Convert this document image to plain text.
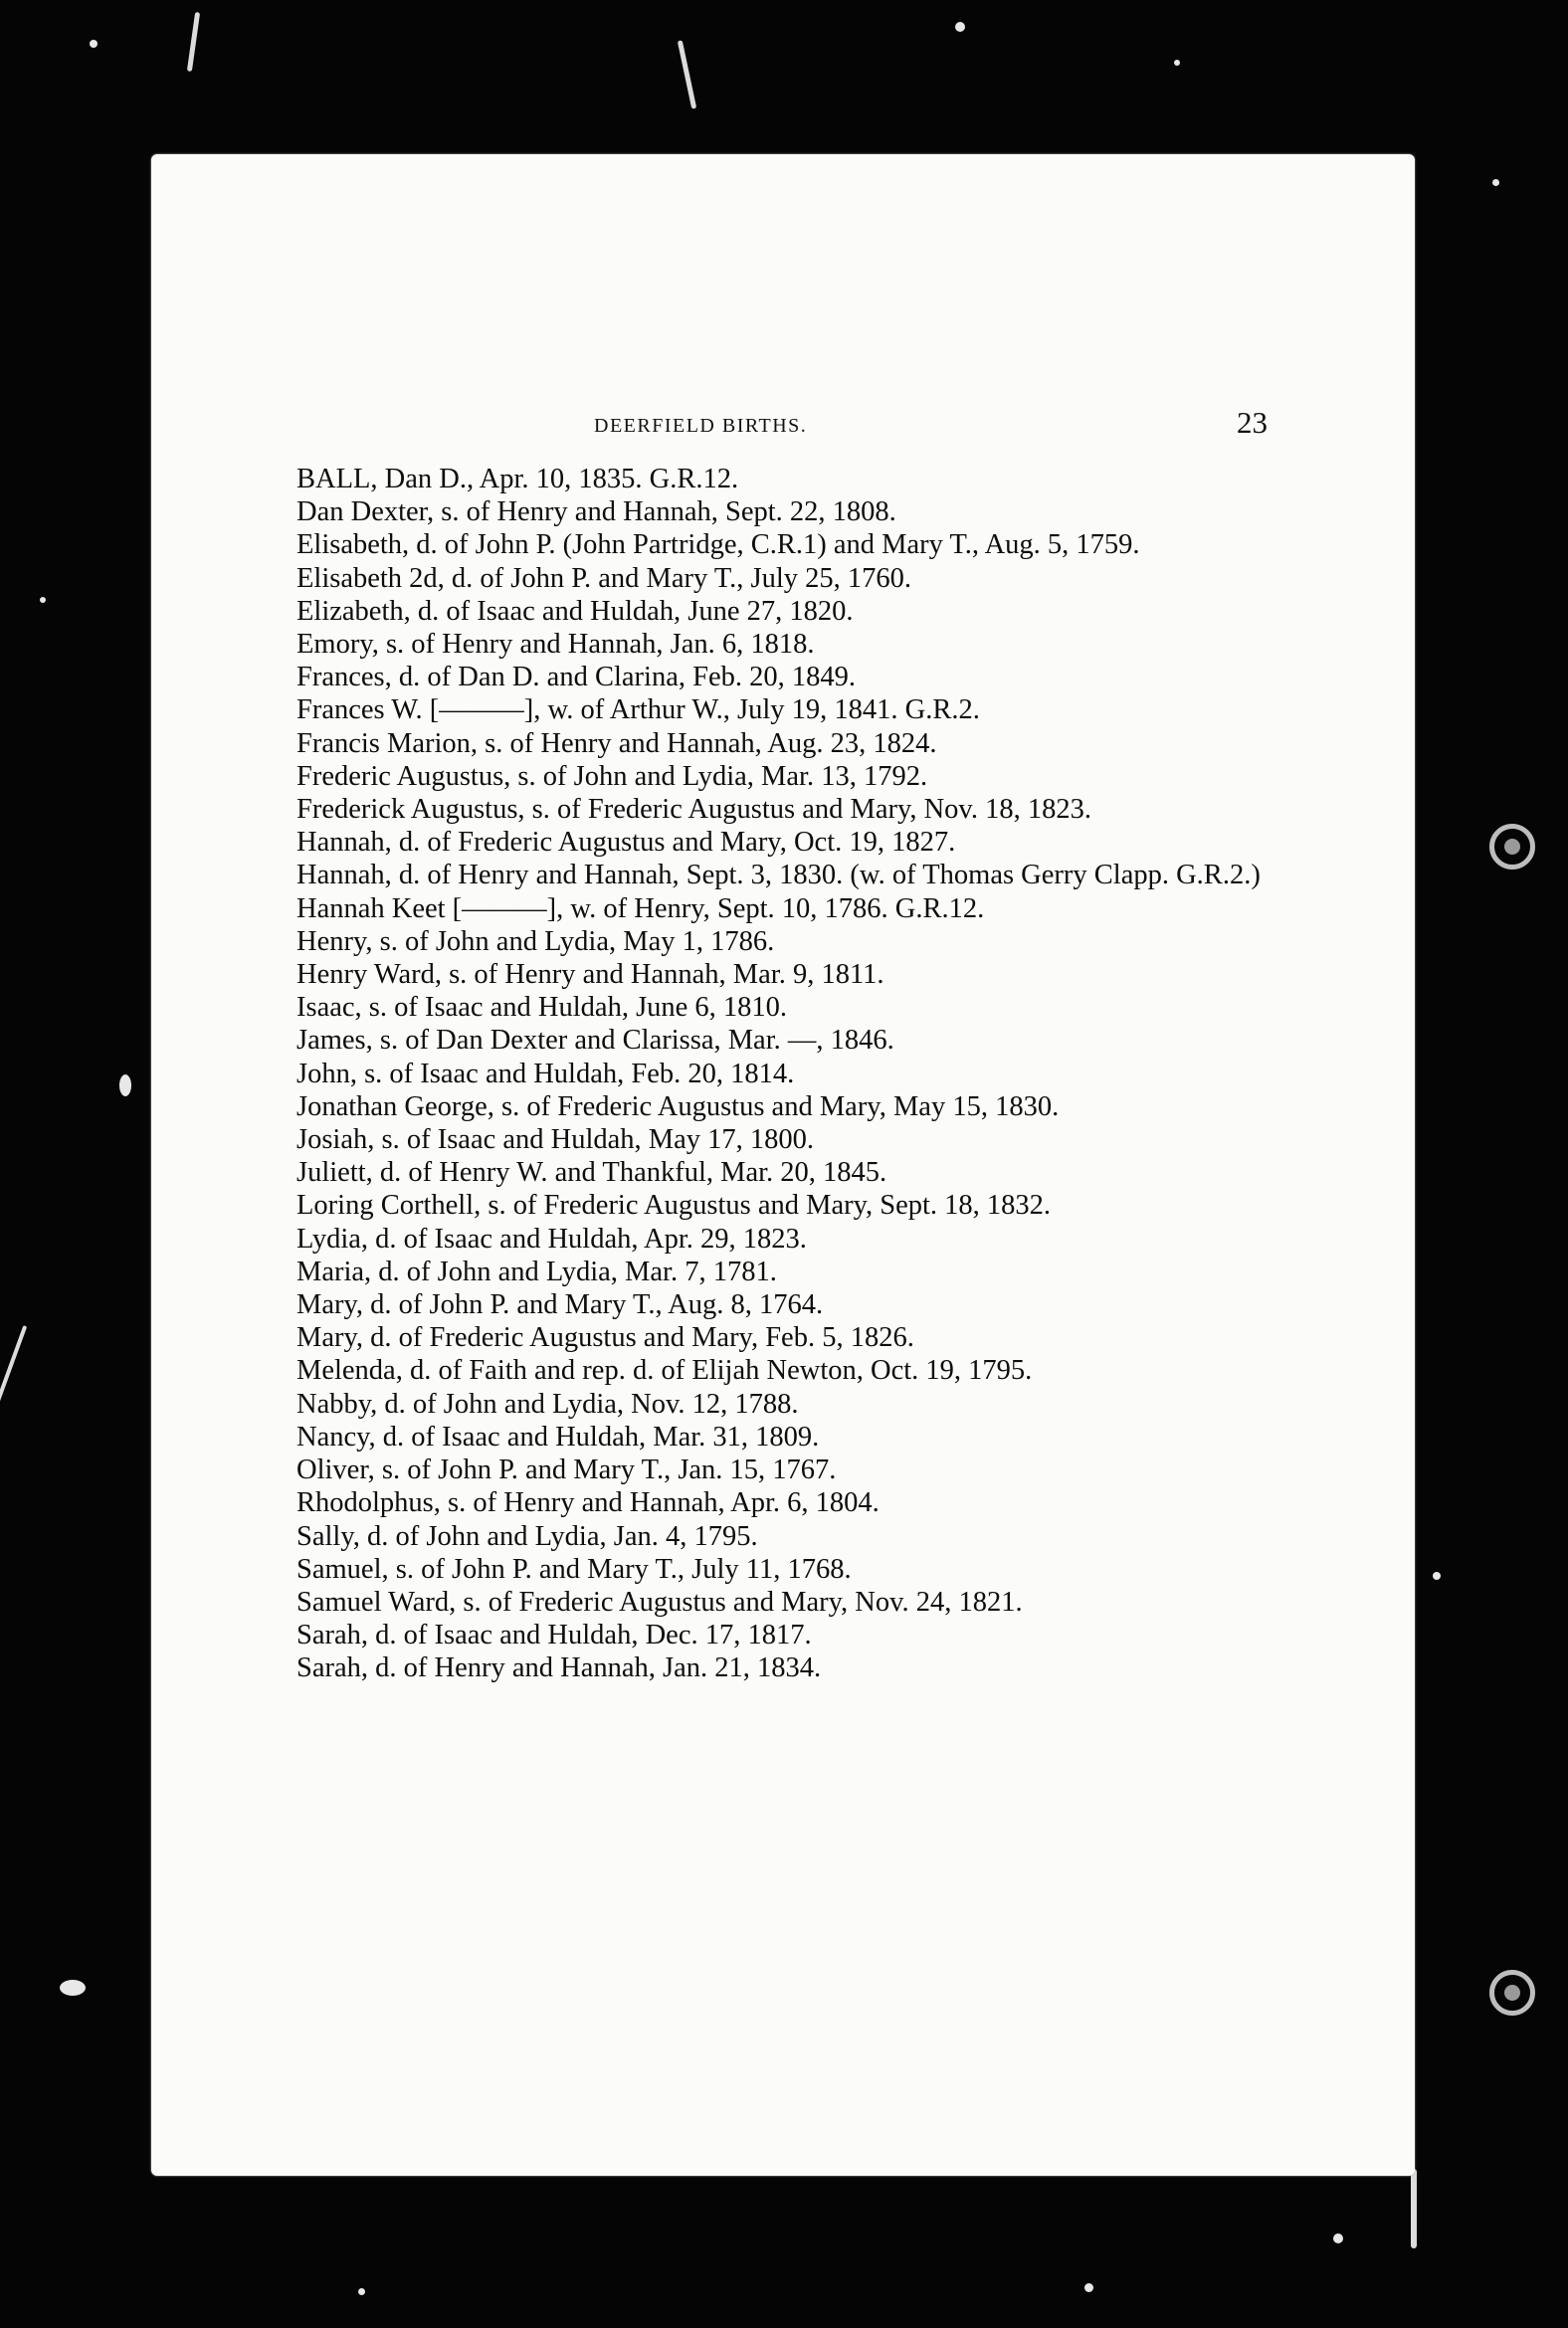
DEERFIELD BIRTHS.	23
BALL, Dan D., Apr. 10, 1835. G.R.12.
Dan Dexter, s. of Henry and Hannah, Sept. 22, 1808.
Elisabeth, d. of John P. (John Partridge, C.R.1) and Mary T., Aug. 5, 1759.
Elisabeth 2d, d. of John P. and Mary T., July 25, 1760.
Elizabeth, d. of Isaac and Huldah, June 27, 1820.
Emory, s. of Henry and Hannah, Jan. 6, 1818.
Frances, d. of Dan D. and Clarina, Feb. 20, 1849.
Frances W. [———], w. of Arthur W., July 19, 1841. G.R.2.
Francis Marion, s. of Henry and Hannah, Aug. 23, 1824.
Frederic Augustus, s. of John and Lydia, Mar. 13, 1792.
Frederick Augustus, s. of Frederic Augustus and Mary, Nov. 18, 1823.
Hannah, d. of Frederic Augustus and Mary, Oct. 19, 1827.
Hannah, d. of Henry and Hannah, Sept. 3, 1830. (w. of Thomas Gerry Clapp. G.R.2.)
Hannah Keet [———], w. of Henry, Sept. 10, 1786. G.R.12.
Henry, s. of John and Lydia, May 1, 1786.
Henry Ward, s. of Henry and Hannah, Mar. 9, 1811.
Isaac, s. of Isaac and Huldah, June 6, 1810.
James, s. of Dan Dexter and Clarissa, Mar. —, 1846.
John, s. of Isaac and Huldah, Feb. 20, 1814.
Jonathan George, s. of Frederic Augustus and Mary, May 15, 1830.
Josiah, s. of Isaac and Huldah, May 17, 1800.
Juliett, d. of Henry W. and Thankful, Mar. 20, 1845.
Loring Corthell, s. of Frederic Augustus and Mary, Sept. 18, 1832.
Lydia, d. of Isaac and Huldah, Apr. 29, 1823.
Maria, d. of John and Lydia, Mar. 7, 1781.
Mary, d. of John P. and Mary T., Aug. 8, 1764.
Mary, d. of Frederic Augustus and Mary, Feb. 5, 1826.
Melenda, d. of Faith and rep. d. of Elijah Newton, Oct. 19, 1795.
Nabby, d. of John and Lydia, Nov. 12, 1788.
Nancy, d. of Isaac and Huldah, Mar. 31, 1809.
Oliver, s. of John P. and Mary T., Jan. 15, 1767.
Rhodolphus, s. of Henry and Hannah, Apr. 6, 1804.
Sally, d. of John and Lydia, Jan. 4, 1795.
Samuel, s. of John P. and Mary T., July 11, 1768.
Samuel Ward, s. of Frederic Augustus and Mary, Nov. 24, 1821.
Sarah, d. of Isaac and Huldah, Dec. 17, 1817.
Sarah, d. of Henry and Hannah, Jan. 21, 1834.
